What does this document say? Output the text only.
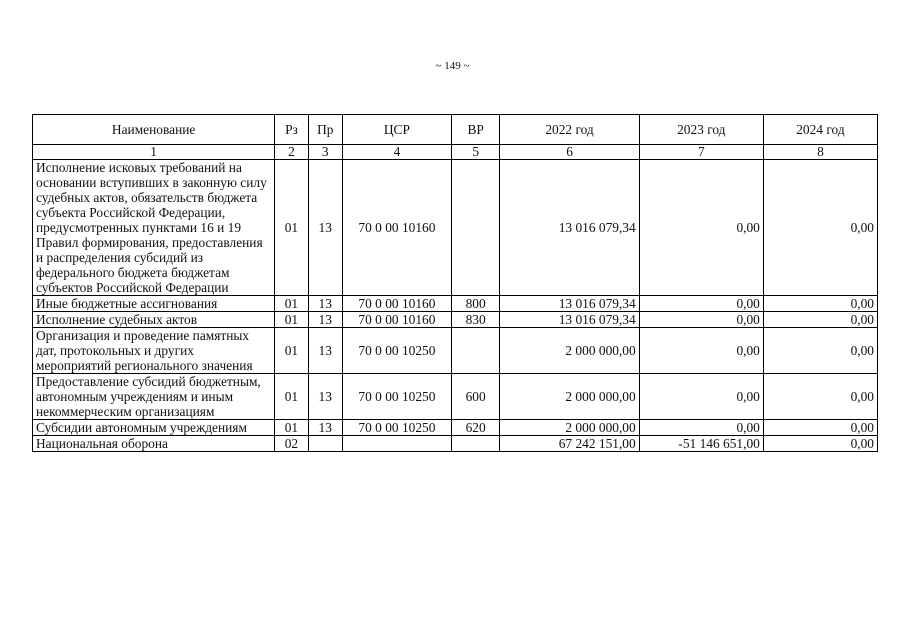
~ 149 ~
Наименование	Рз	Пр	ЦСР	ВР	2022 год	2023 год	2024 год
1	2	3	4	5	6	7	8
Исполнение исковых требований на основании вступивших в законную силу судебных актов, обязательств бюджета субъекта Российской Федерации, предусмотренных пунктами 16 и 19 Правил формирования, предоставления и распределения субсидий из федерального бюджета бюджетам субъектов Российской Федерации	01	13	70 0 00 10160		13 016 079,34	0,00	0,00
Иные бюджетные ассигнования	01	13	70 0 00 10160	800	13 016 079,34	0,00	0,00
Исполнение судебных актов	01	13	70 0 00 10160	830	13 016 079,34	0,00	0,00
Организация и проведение памятных дат, протокольных и других мероприятий регионального значения	01	13	70 0 00 10250		2 000 000,00	0,00	0,00
Предоставление субсидий бюджетным, автономным учреждениям и иным некоммерческим организациям	01	13	70 0 00 10250	600	2 000 000,00	0,00	0,00
Субсидии автономным учреждениям	01	13	70 0 00 10250	620	2 000 000,00	0,00	0,00
Национальная оборона	02				67 242 151,00	-51 146 651,00	0,00
